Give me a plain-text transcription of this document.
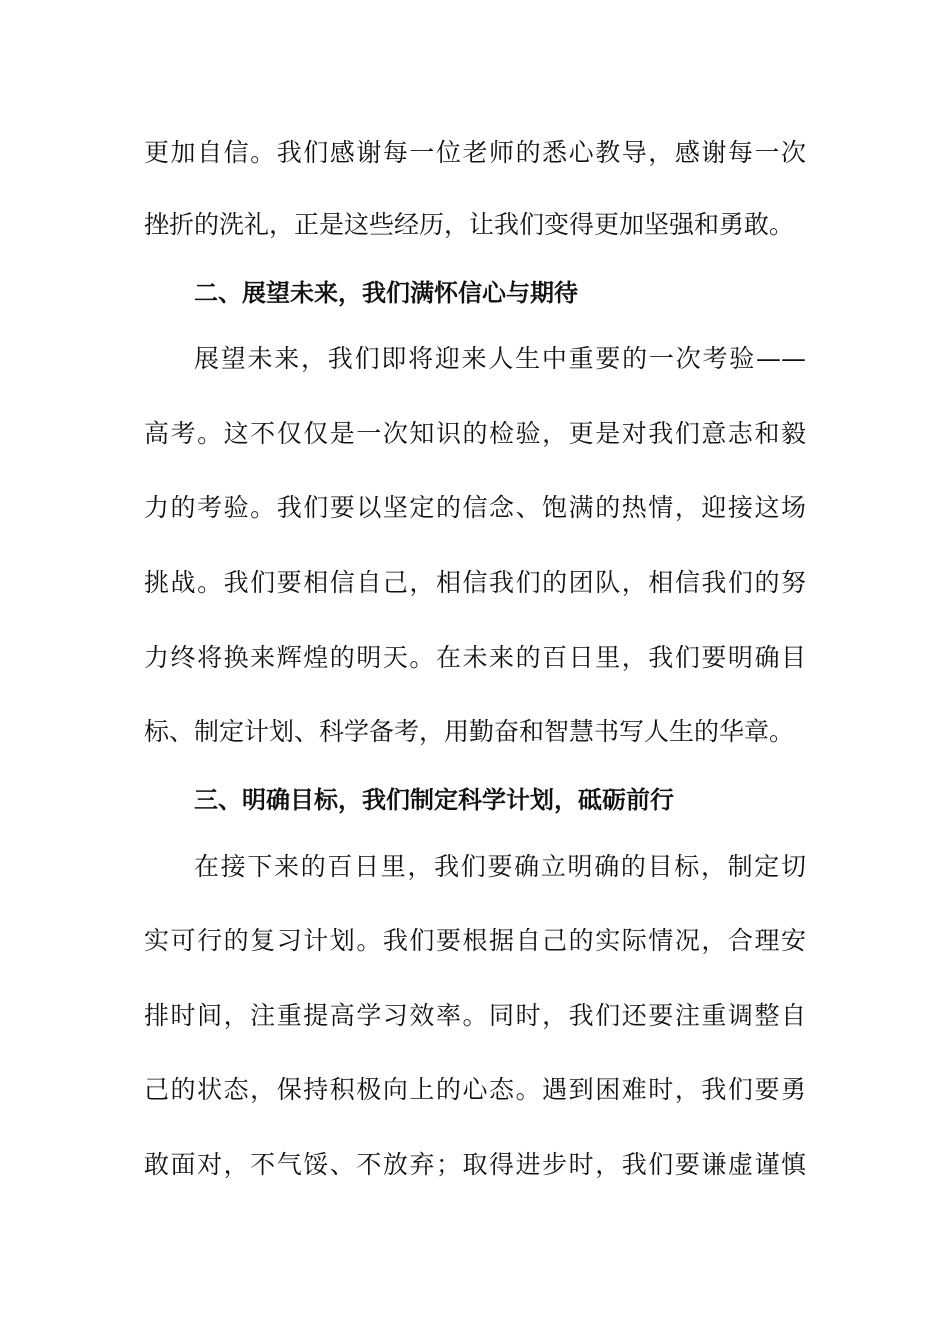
更加自信。我们感谢每一位老师的悉心教导，感谢每一次
挫折的洗礼，正是这些经历，让我们变得更加坚强和勇敢。
二、展望未来，我们满怀信心与期待
展望未来，我们即将迎来人生中重要的一次考验——
高考。这不仅仅是一次知识的检验，更是对我们意志和毅
力的考验。我们要以坚定的信念、饱满的热情，迎接这场
挑战。我们要相信自己，相信我们的团队，相信我们的努
力终将换来辉煌的明天。在未来的百日里，我们要明确目
标、制定计划、科学备考，用勤奋和智慧书写人生的华章。
三、明确目标，我们制定科学计划，砥砺前行
在接下来的百日里，我们要确立明确的目标，制定切
实可行的复习计划。我们要根据自己的实际情况，合理安
排时间，注重提高学习效率。同时，我们还要注重调整自
己的状态，保持积极向上的心态。遇到困难时，我们要勇
敢面对，不气馁、不放弃；取得进步时，我们要谦虚谨慎
